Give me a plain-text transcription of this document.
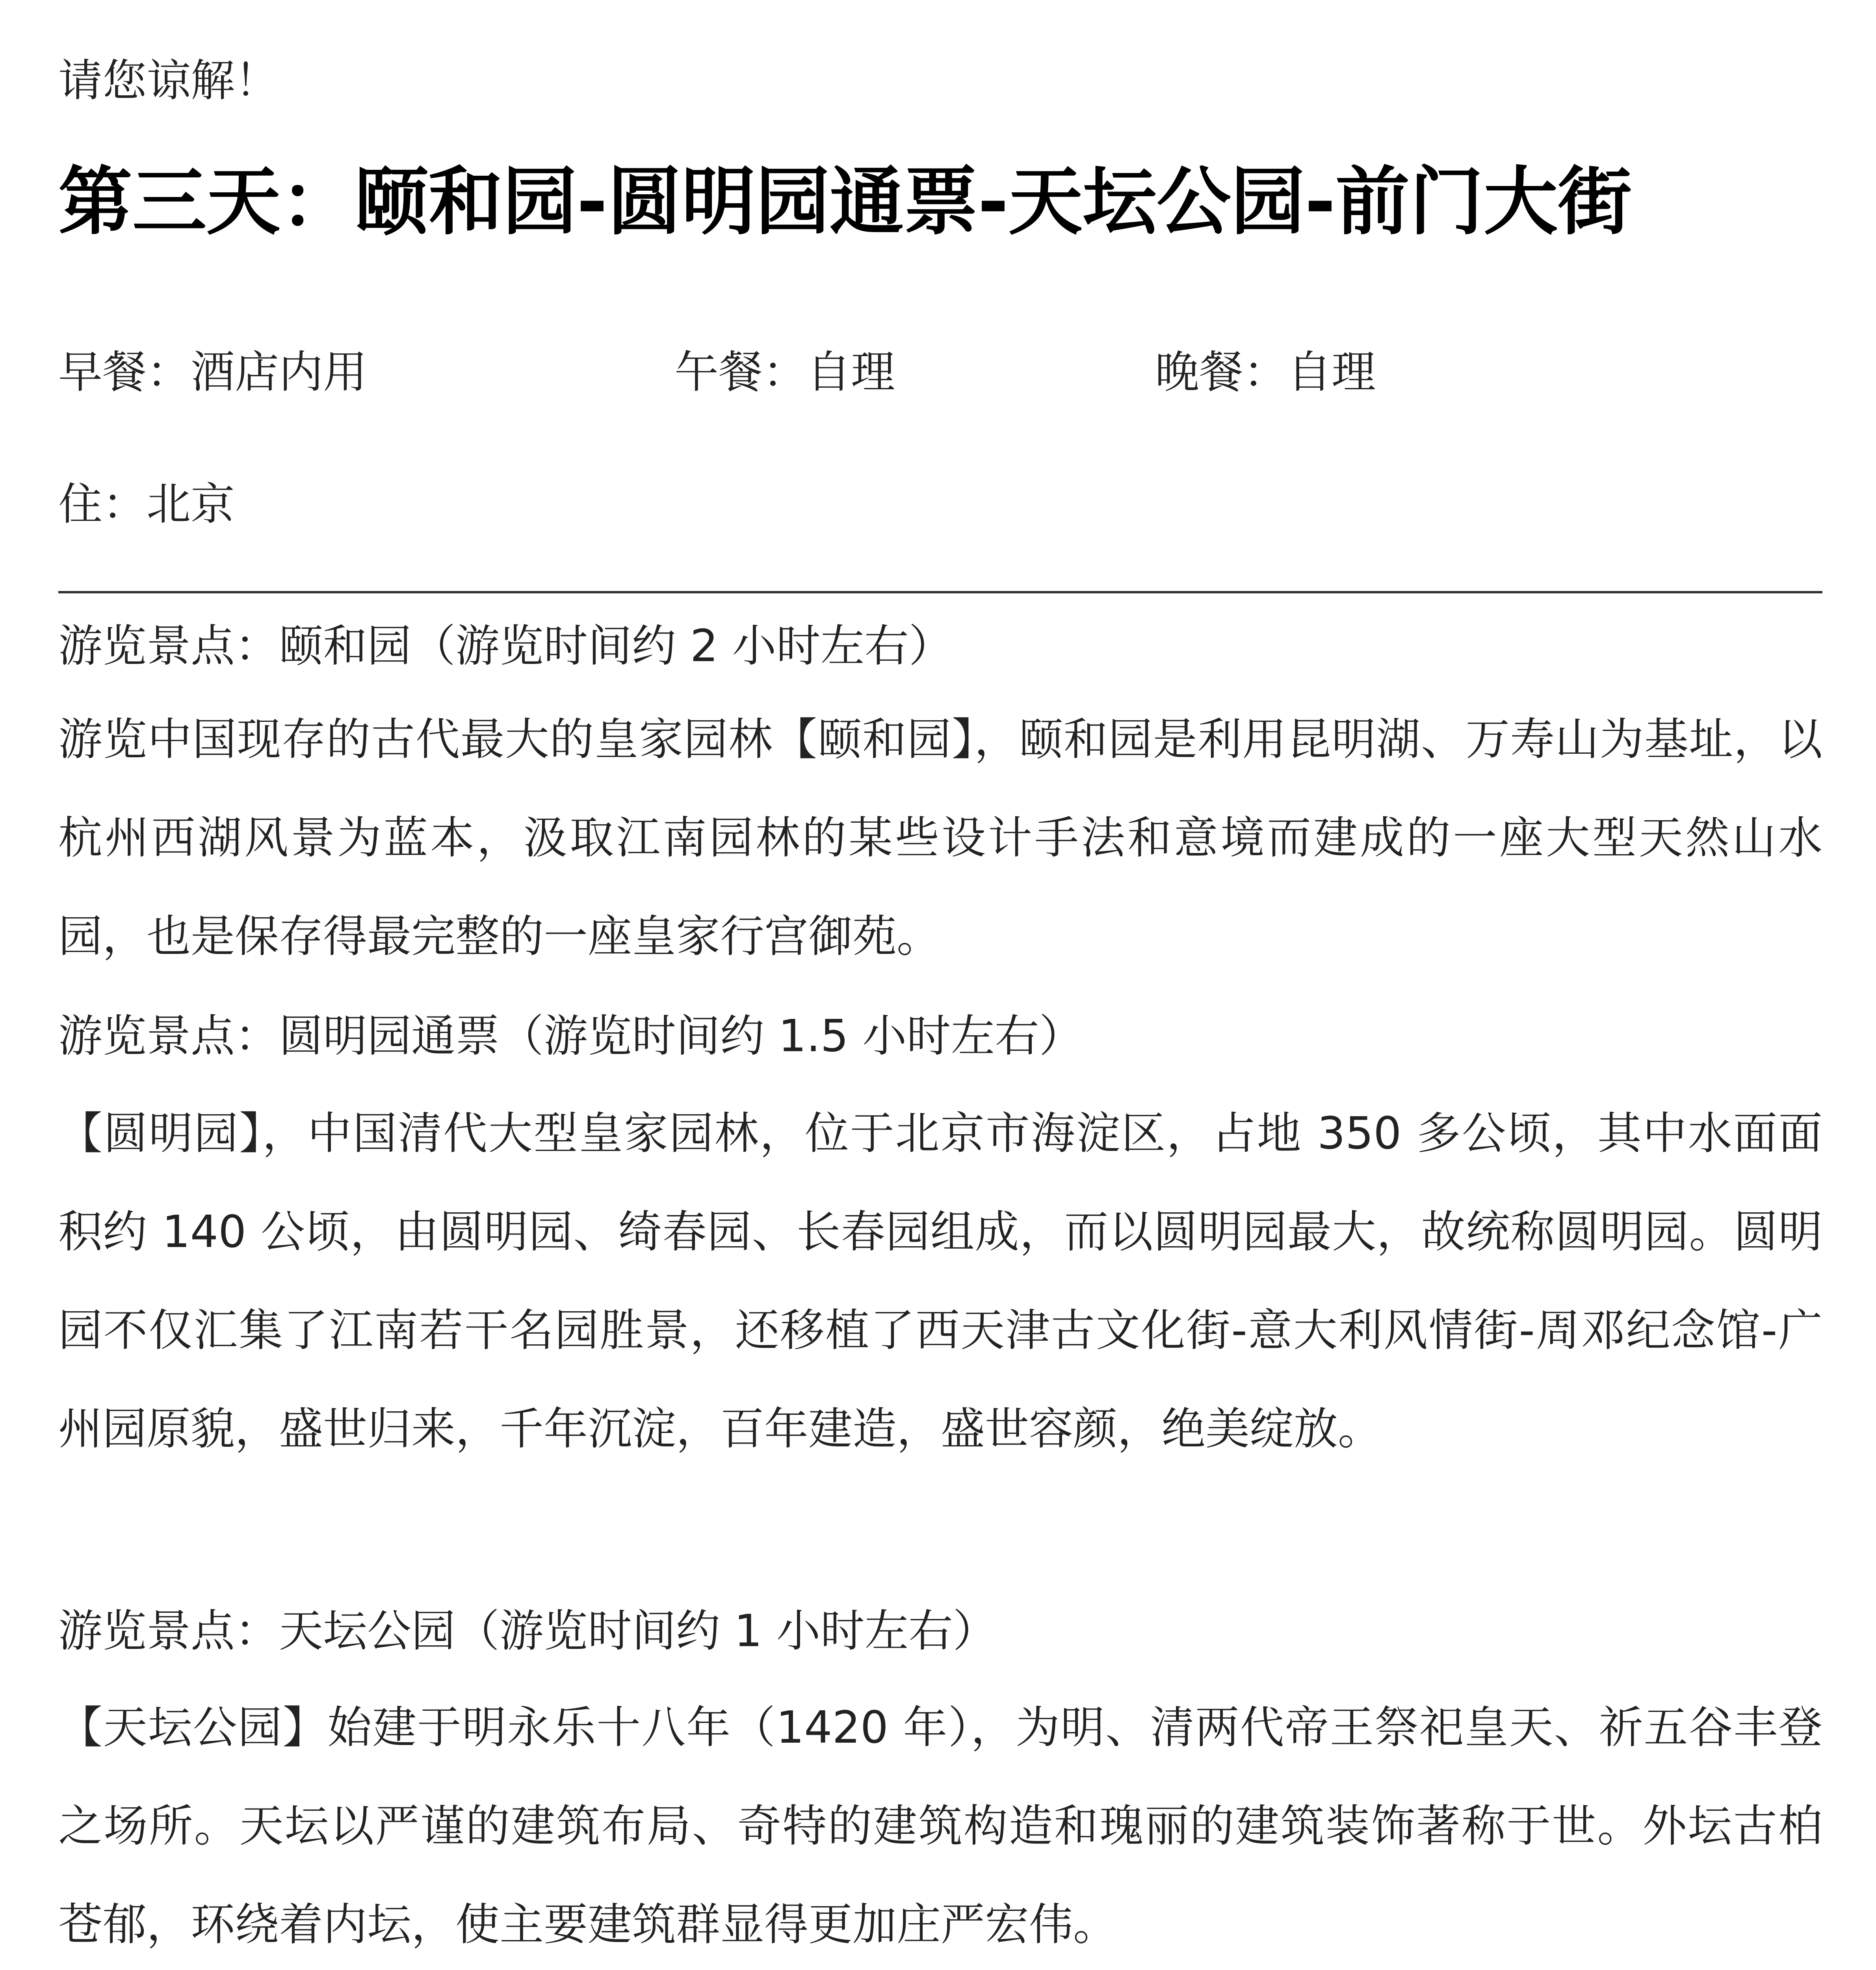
请您谅解！
第三天：颐和园-圆明园通票-天坛公园-前门大街
早餐：酒店内用	午餐：自理	晚餐：自理
住：北京
游览景点：颐和园（游览时间约 2 小时左右）
游览中国现存的古代最大的皇家园林【颐和园】，颐和园是利用昆明湖、万寿山为基址，以杭州西湖风景为蓝本，汲取江南园林的某些设计手法和意境而建成的一座大型天然山水园，也是保存得最完整的一座皇家行宫御苑。
游览景点：圆明园通票（游览时间约 1.5 小时左右）
【圆明园】，中国清代大型皇家园林，位于北京市海淀区，占地 350 多公顷，其中水面面积约 140 公顷，由圆明园、绮春园、长春园组成，而以圆明园最大，故统称圆明园。圆明园不仅汇集了江南若干名园胜景，还移植了西天津古文化街-意大利风情街-周邓纪念馆-广州园原貌，盛世归来，千年沉淀，百年建造，盛世容颜，绝美绽放。
游览景点：天坛公园（游览时间约 1 小时左右）
【天坛公园】始建于明永乐十八年（1420 年），为明、清两代帝王祭祀皇天、祈五谷丰登之场所。天坛以严谨的建筑布局、奇特的建筑构造和瑰丽的建筑装饰著称于世。外坛古柏苍郁，环绕着内坛，使主要建筑群显得更加庄严宏伟。
